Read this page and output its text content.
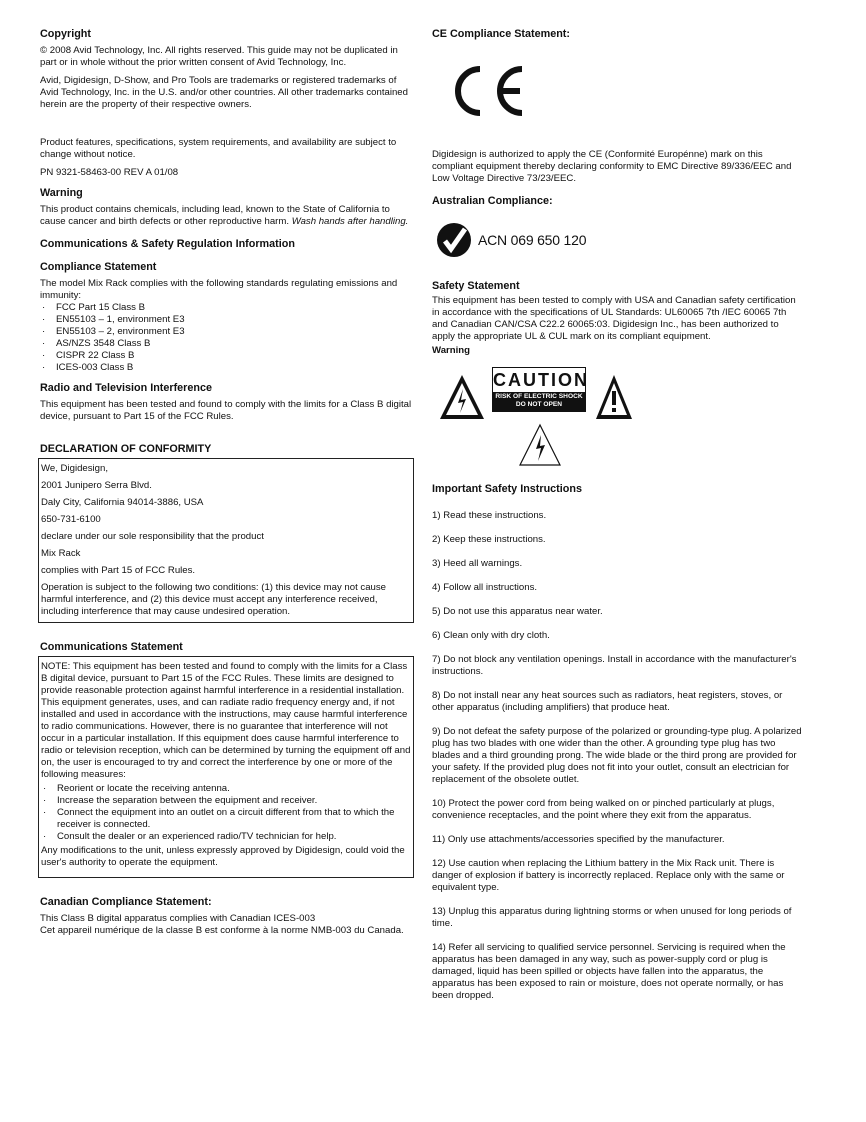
Copyright

© 2008 Avid Technology, Inc. All rights reserved. This guide may not be duplicated in part or in whole without the prior written consent of Avid Technology, Inc.

Avid, Digidesign, D-Show, and Pro Tools are trademarks or registered trademarks of Avid Technology, Inc. in the U.S. and/or other countries. All other trademarks contained herein are the property of their respective owners.

Product features, specifications, system requirements, and availability are subject to change without notice.

PN 9321-58463-00 REV A 01/08

Warning

This product contains chemicals, including lead, known to the State of California to cause cancer and birth defects or other reproductive harm. Wash hands after handling.

Communications & Safety Regulation Information
Compliance Statement

The model Mix Rack complies with the following standards regulating emissions and immunity:

· FCC Part 15 Class B
· EN55103 – 1, environment E3
· EN55103 – 2, environment E3
· AS/NZS 3548 Class B
· CISPR 22 Class B
· ICES-003 Class B
Radio and Television Interference

This equipment has been tested and found to comply with the limits for a Class B digital device, pursuant to Part 15 of the FCC Rules.

DECLARATION OF CONFORMITY

We, Digidesign,

2001 Junipero Serra Blvd.

Daly City, California 94014-3886, USA

650-731-6100

declare under our sole responsibility that the product

Mix Rack

complies with Part 15 of FCC Rules.

Operation is subject to the following two conditions: (1) this device may not cause harmful interference, and (2) this device must accept any interference received, including interference that may cause undesired operation.

Communications Statement

NOTE: This equipment has been tested and found to comply with the limits for a Class B digital device, pursuant to Part 15 of the FCC Rules. These limits are designed to provide reasonable protection against harmful interference in a residential installation. This equipment generates, uses, and can radiate radio frequency energy and, if not installed and used in accordance with the instructions, may cause harmful interference to radio communications. However, there is no guarantee that interference will not occur in a particular installation. If this equipment does cause harmful interference to radio or television reception, which can be determined by turning the equipment off and on, the user is encouraged to try and correct the interference by one or more of the following measures:

· Reorient or locate the receiving antenna.
· Increase the separation between the equipment and receiver.
· Connect the equipment into an outlet on a circuit different from that to which the receiver is connected.
· Consult the dealer or an experienced radio/TV technician for help.

Any modifications to the unit, unless expressly approved by Digidesign, could void the user's authority to operate the equipment.

Canadian Compliance Statement:

This Class B digital apparatus complies with Canadian ICES-003

Cet appareil numérique de la classe B est conforme à la norme NMB-003 du Canada.

CE Compliance Statement:

Digidesign is authorized to apply the CE (Conformité Europénne) mark on this compliant equipment thereby declaring conformity to EMC Directive 89/336/EEC and Low Voltage Directive 73/23/EEC.

Australian Compliance:
ACN 069 650 120
Safety Statement

This equipment has been tested to comply with USA and Canadian safety certification in accordance with the specifications of UL Standards: UL60065 7th /IEC 60065 7th and Canadian CAN/CSA C22.2 60065:03. Digidesign Inc., has been authorized to apply the appropriate UL & CUL mark on its compliant equipment.

Warning

CAUTION
RISK OF ELECTRIC SHOCK
DO NOT OPEN
Important Safety Instructions

1) Read these instructions.

2) Keep these instructions.

3) Heed all warnings.

4) Follow all instructions.

5) Do not use this apparatus near water.

6) Clean only with dry cloth.

7) Do not block any ventilation openings. Install in accordance with the manufacturer's instructions.

8) Do not install near any heat sources such as radiators, heat registers, stoves, or other apparatus (including amplifiers) that produce heat.

9) Do not defeat the safety purpose of the polarized or grounding-type plug. A polarized plug has two blades with one wider than the other. A grounding type plug has two blades and a third grounding prong. The wide blade or the third prong are provided for your safety. If the provided plug does not fit into your outlet, consult an electrician for replacement of the obsolete outlet.

10) Protect the power cord from being walked on or pinched particularly at plugs, convenience receptacles, and the point where they exit from the apparatus.

11) Only use attachments/accessories specified by the manufacturer.

12) Use caution when replacing the Lithium battery in the Mix Rack unit. There is danger of explosion if battery is incorrectly replaced. Replace only with the same or equivalent type.

13) Unplug this apparatus during lightning storms or when unused for long periods of time.

14) Refer all servicing to qualified service personnel. Servicing is required when the apparatus has been damaged in any way, such as power-supply cord or plug is damaged, liquid has been spilled or objects have fallen into the apparatus, the apparatus has been exposed to rain or moisture, does not operate normally, or has been dropped.
